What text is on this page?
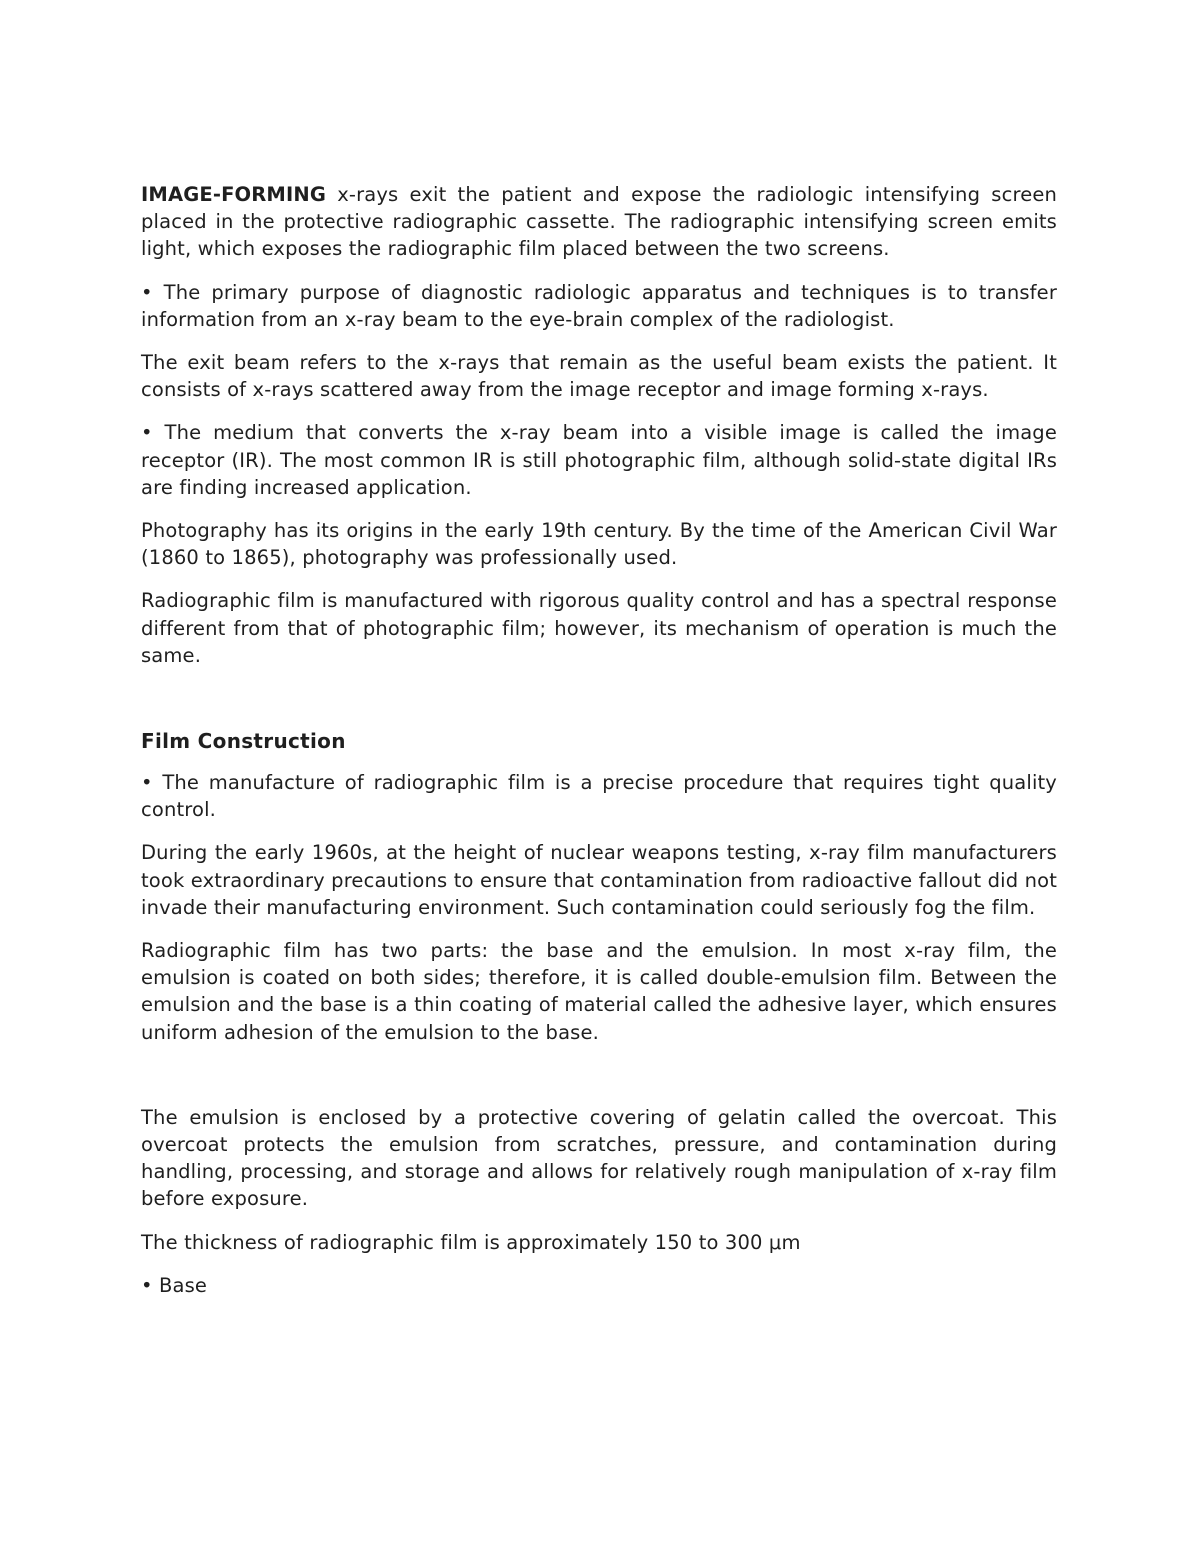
IMAGE-FORMING x-rays exit the patient and expose the radiologic intensifying screen placed in the protective radiographic cassette. The radiographic intensifying screen emits light, which exposes the radiographic film placed between the two screens.

• The primary purpose of diagnostic radiologic apparatus and techniques is to transfer information from an x-ray beam to the eye-brain complex of the radiologist.

The exit beam refers to the x-rays that remain as the useful beam exists the patient. It consists of x-rays scattered away from the image receptor and image forming x-rays.

• The medium that converts the x-ray beam into a visible image is called the image receptor (IR). The most common IR is still photographic film, although solid-state digital IRs are finding increased application.

Photography has its origins in the early 19th century. By the time of the American Civil War (1860 to 1865), photography was professionally used.

Radiographic film is manufactured with rigorous quality control and has a spectral response different from that of photographic film; however, its mechanism of operation is much the same.

Film Construction

• The manufacture of radiographic film is a precise procedure that requires tight quality control.

During the early 1960s, at the height of nuclear weapons testing, x-ray film manufacturers took extraordinary precautions to ensure that contamination from radioactive fallout did not invade their manufacturing environment. Such contamination could seriously fog the film.

Radiographic film has two parts: the base and the emulsion. In most x-ray film, the emulsion is coated on both sides; therefore, it is called double-emulsion film. Between the emulsion and the base is a thin coating of material called the adhesive layer, which ensures uniform adhesion of the emulsion to the base.

The emulsion is enclosed by a protective covering of gelatin called the overcoat. This overcoat protects the emulsion from scratches, pressure, and contamination during handling, processing, and storage and allows for relatively rough manipulation of x-ray film before exposure.

The thickness of radiographic film is approximately 150 to 300 μm

• Base
